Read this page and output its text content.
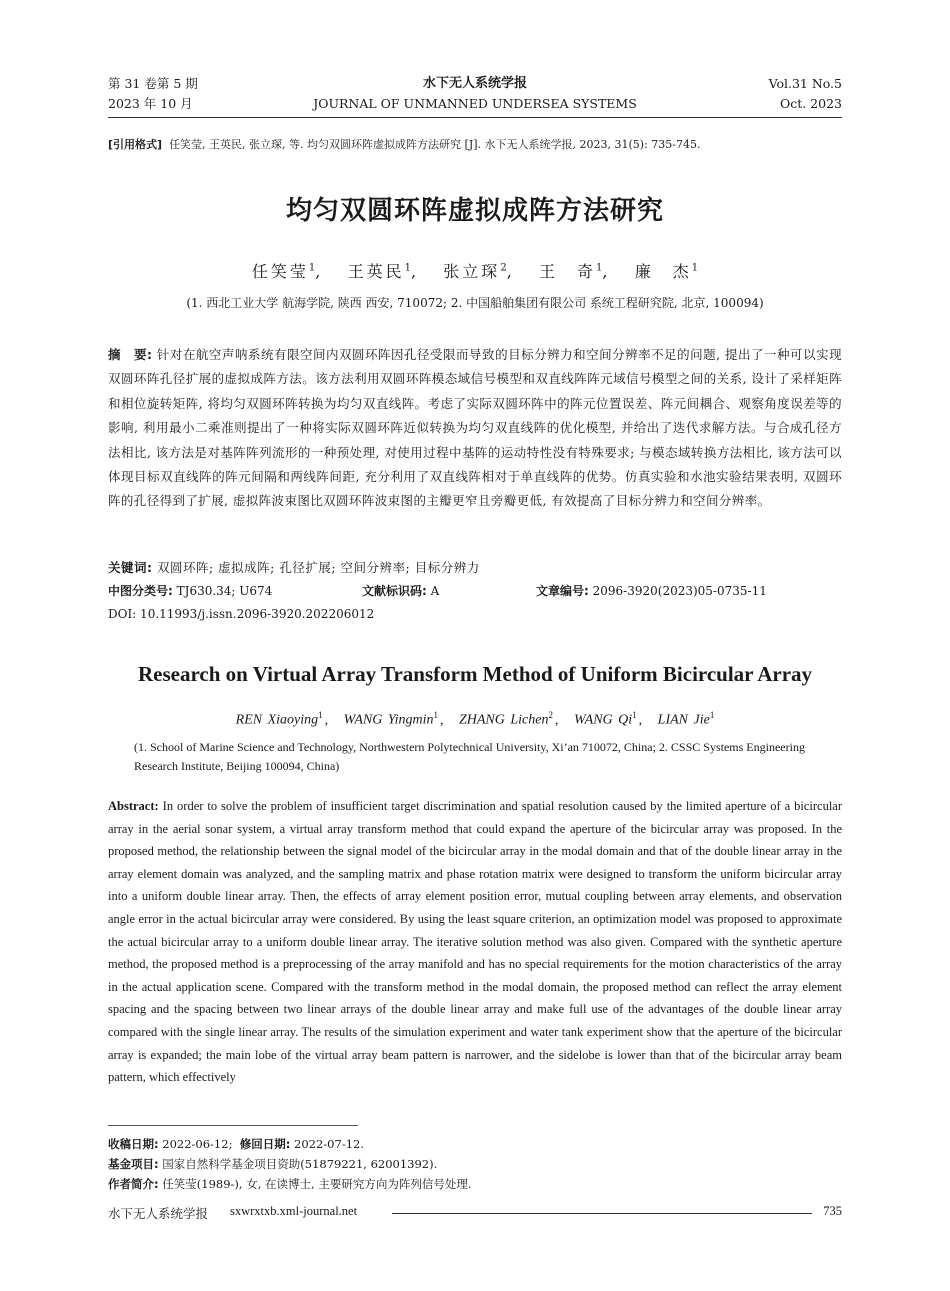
第 31 卷第 5 期
2023 年 10 月
水下无人系统学报
JOURNAL OF UNMANNED UNDERSEA SYSTEMS
Vol.31 No.5
Oct. 2023
[引用格式] 任笑莹, 王英民, 张立琛, 等. 均匀双圆环阵虚拟成阵方法研究 [J]. 水下无人系统学报, 2023, 31(5): 735-745.
均匀双圆环阵虚拟成阵方法研究
任笑莹$^1$,   王英民$^1$,   张立琛$^2$,   王　奇$^1$,   廉　杰$^1$
(1. 西北工业大学 航海学院, 陕西 西安, 710072; 2. 中国船舶集团有限公司 系统工程研究院, 北京, 100094)
摘　要: 针对在航空声呐系统有限空间内双圆环阵因孔径受限而导致的目标分辨力和空间分辨率不足的问题, 提出了一种可以实现双圆环阵孔径扩展的虚拟成阵方法。该方法利用双圆环阵模态域信号模型和双直线阵阵元域信号模型之间的关系, 设计了采样矩阵和相位旋转矩阵, 将均匀双圆环阵转换为均匀双直线阵。考虑了实际双圆环阵中的阵元位置误差、阵元间耦合、观察角度误差等的影响, 利用最小二乘准则提出了一种将实际双圆环阵近似转换为均匀双直线阵的优化模型, 并给出了迭代求解方法。与合成孔径方法相比, 该方法是对基阵阵列流形的一种预处理, 对使用过程中基阵的运动特性没有特殊要求; 与模态域转换方法相比, 该方法可以体现目标双直线阵的阵元间隔和两线阵间距, 充分利用了双直线阵相对于单直线阵的优势。仿真实验和水池实验结果表明, 双圆环阵的孔径得到了扩展, 虚拟阵波束图比双圆环阵波束图的主瓣更窄且旁瓣更低, 有效提高了目标分辨力和空间分辨率。
关键词: 双圆环阵; 虚拟成阵; 孔径扩展; 空间分辨率; 目标分辨力
中图分类号: TJ630.34; U674	文献标识码: A	文章编号: 2096-3920(2023)05-0735-11
DOI: 10.11993/j.issn.2096-3920.202206012
Research on Virtual Array Transform Method of Uniform Bicircular Array
REN Xiaoying$^1$ , WANG Yingmin$^1$ , ZHANG Lichen$^2$ , WANG Qi$^1$ , LIAN Jie$^1$
(1. School of Marine Science and Technology, Northwestern Polytechnical University, Xi’an 710072, China; 2. CSSC Systems Engineering Research Institute, Beijing 100094, China)
Abstract: In order to solve the problem of insufficient target discrimination and spatial resolution caused by the limited aperture of a bicircular array in the aerial sonar system, a virtual array transform method that could expand the aperture of the bicircular array was proposed. In the proposed method, the relationship between the signal model of the bicircular array in the modal domain and that of the double linear array in the array element domain was analyzed, and the sampling matrix and phase rotation matrix were designed to transform the uniform bicircular array into a uniform double linear array. Then, the effects of array element position error, mutual coupling between array elements, and observation angle error in the actual bicircular array were considered. By using the least square criterion, an optimization model was proposed to approximate the actual bicircular array to a uniform double linear array. The iterative solution method was also given. Compared with the synthetic aperture method, the proposed method is a preprocessing of the array manifold and has no special requirements for the motion characteristics of the array in the actual application scene. Compared with the transform method in the modal domain, the proposed method can reflect the array element spacing and the spacing between two linear arrays of the double linear array and make full use of the advantages of the double linear array compared with the single linear array. The results of the simulation experiment and water tank experiment show that the aperture of the bicircular array is expanded; the main lobe of the virtual array beam pattern is narrower, and the sidelobe is lower than that of the bicircular array beam pattern, which effectively
收稿日期: 2022-06-12; 修回日期: 2022-07-12.
基金项目: 国家自然科学基金项目资助(51879221, 62001392).
作者简介: 任笑莹(1989-), 女, 在读博士, 主要研究方向为阵列信号处理.
水下无人系统学报 sxwrxtxb.xml-journal.net	735
